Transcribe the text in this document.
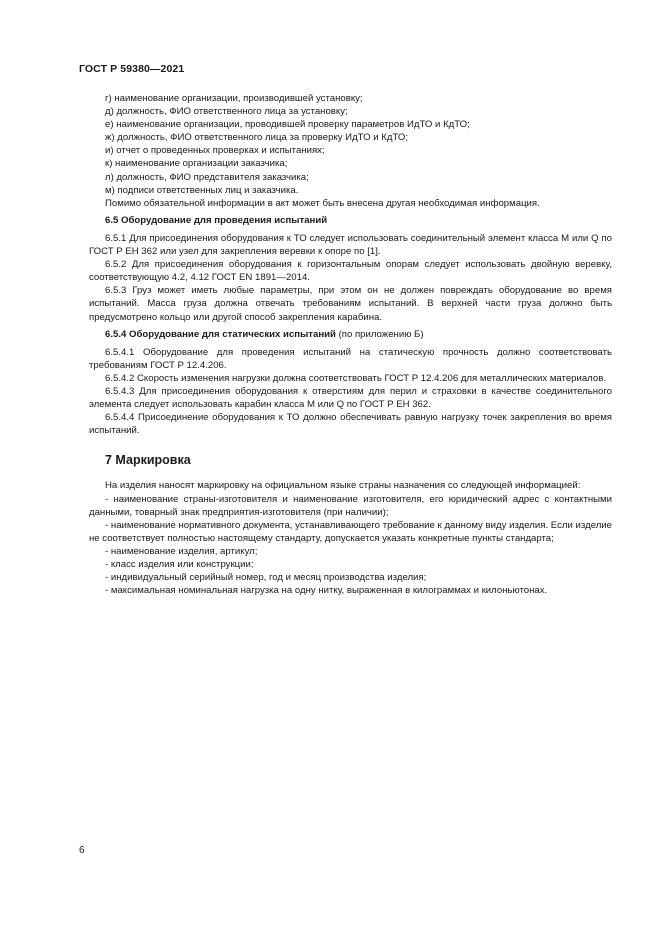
ГОСТ Р 59380—2021

г) наименование организации, производившей установку;

д) должность, ФИО ответственного лица за установку;

е) наименование организации, проводившей проверку параметров ИдТО и КдТО;

ж) должность, ФИО ответственного лица за проверку ИдТО и КдТО;

и) отчет о проведенных проверках и испытаниях;

к) наименование организации заказчика;

л) должность, ФИО представителя заказчика;

м) подписи ответственных лиц и заказчика.

Помимо обязательной информации в акт может быть внесена другая необходимая информация.

6.5 Оборудование для проведения испытаний

6.5.1 Для присоединения оборудования к ТО следует использовать соединительный элемент класса М или Q по ГОСТ Р ЕН 362 или узел для закрепления веревки к опоре по [1].

6.5.2 Для присоединения оборудования к горизонтальным опорам следует использовать двойную веревку, соответствующую 4.2, 4.12 ГОСТ EN 1891—2014.

6.5.3 Груз может иметь любые параметры, при этом он не должен повреждать оборудование во время испытаний. Масса груза должна отвечать требованиям испытаний. В верхней части груза должно быть предусмотрено кольцо или другой способ закрепления карабина.

6.5.4 Оборудование для статических испытаний (по приложению Б)

6.5.4.1 Оборудование для проведения испытаний на статическую прочность должно соответствовать требованиям ГОСТ Р 12.4.206.

6.5.4.2 Скорость изменения нагрузки должна соответствовать ГОСТ Р 12.4.206 для металлических материалов.

6.5.4.3 Для присоединения оборудования к отверстиям для перил и страховки в качестве соединительного элемента следует использовать карабин класса М или Q по ГОСТ Р ЕН 362.

6.5.4.4 Присоединение оборудования к ТО должно обеспечивать равную нагрузку точек закрепления во время испытаний.

7 Маркировка

На изделия наносят маркировку на официальном языке страны назначения со следующей информацией:

- наименование страны-изготовителя и наименование изготовителя, его юридический адрес с контактными данными, товарный знак предприятия-изготовителя (при наличии);

- наименование нормативного документа, устанавливающего требование к данному виду изделия. Если изделие не соответствует полностью настоящему стандарту, допускается указать конкретные пункты стандарта;

- наименование изделия, артикул;

- класс изделия или конструкции;

- индивидуальный серийный номер, год и месяц производства изделия;

- максимальная номинальная нагрузка на одну нитку, выраженная в килограммах и килоньютонах.

6
